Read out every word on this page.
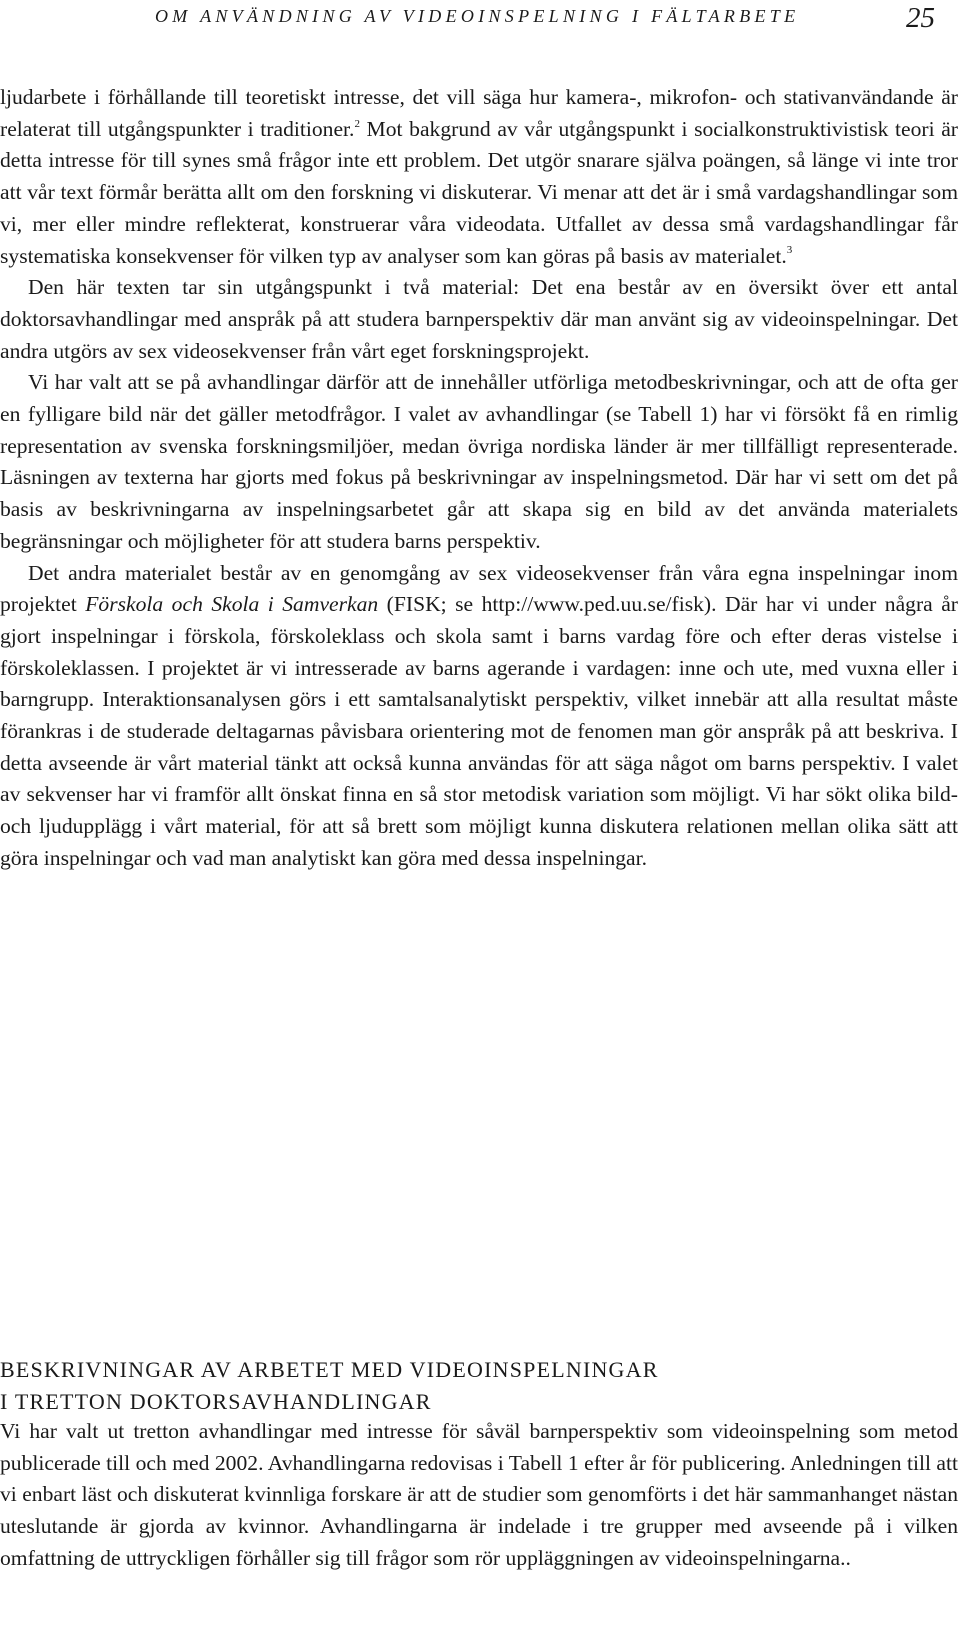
OM ANVÄNDNING AV VIDEOINSPELNING I FÄLTARBETE	25

ljudarbete i förhållande till teoretiskt intresse, det vill säga hur kamera-, mikrofon- och stativanvändande är relaterat till utgångspunkter i traditioner.$^2$ Mot bakgrund av vår utgångspunkt i socialkonstruktivistisk teori är detta intresse för till synes små frågor inte ett problem. Det utgör snarare själva poängen, så länge vi inte tror att vår text förmår berätta allt om den forskning vi diskuterar. Vi menar att det är i små vardagshandlingar som vi, mer eller mindre reflekterat, konstruerar våra videodata. Utfallet av dessa små vardagshandlingar får systematiska konsekvenser för vilken typ av analyser som kan göras på basis av materialet.$^3$

Den här texten tar sin utgångspunkt i två material: Det ena består av en översikt över ett antal doktorsavhandlingar med anspråk på att studera barnperspektiv där man använt sig av videoinspelningar. Det andra utgörs av sex videosekvenser från vårt eget forskningsprojekt.

Vi har valt att se på avhandlingar därför att de innehåller utförliga metodbeskrivningar, och att de ofta ger en fylligare bild när det gäller metodfrågor. I valet av avhandlingar (se Tabell 1) har vi försökt få en rimlig representation av svenska forskningsmiljöer, medan övriga nordiska länder är mer tillfälligt representerade. Läsningen av texterna har gjorts med fokus på beskrivningar av inspelningsmetod. Där har vi sett om det på basis av beskrivningarna av inspelningsarbetet går att skapa sig en bild av det använda materialets begränsningar och möjligheter för att studera barns perspektiv.

Det andra materialet består av en genomgång av sex videosekvenser från våra egna inspelningar inom projektet Förskola och Skola i Samverkan (FISK; se http://www.ped.uu.se/fisk). Där har vi under några år gjort inspelningar i förskola, förskoleklass och skola samt i barns vardag före och efter deras vistelse i förskoleklassen. I projektet är vi intresserade av barns agerande i vardagen: inne och ute, med vuxna eller i barngrupp. Interaktionsanalysen görs i ett samtalsanalytiskt perspektiv, vilket innebär att alla resultat måste förankras i de studerade deltagarnas påvisbara orientering mot de fenomen man gör anspråk på att beskriva. I detta avseende är vårt material tänkt att också kunna användas för att säga något om barns perspektiv. I valet av sekvenser har vi framför allt önskat finna en så stor metodisk variation som möjligt. Vi har sökt olika bild- och ljudupplägg i vårt material, för att så brett som möjligt kunna diskutera relationen mellan olika sätt att göra inspelningar och vad man analytiskt kan göra med dessa inspelningar.

BESKRIVNINGAR AV ARBETET MED VIDEOINSPELNINGAR
I TRETTON DOKTORSAVHANDLINGAR

Vi har valt ut tretton avhandlingar med intresse för såväl barnperspektiv som videoinspelning som metod publicerade till och med 2002. Avhandlingarna redovisas i Tabell 1 efter år för publicering. Anledningen till att vi enbart läst och diskuterat kvinnliga forskare är att de studier som genomförts i det här sammanhanget nästan uteslutande är gjorda av kvinnor. Avhandlingarna är indelade i tre grupper med avseende på i vilken omfattning de uttryckligen förhåller sig till frågor som rör uppläggningen av videoinspelningarna..
